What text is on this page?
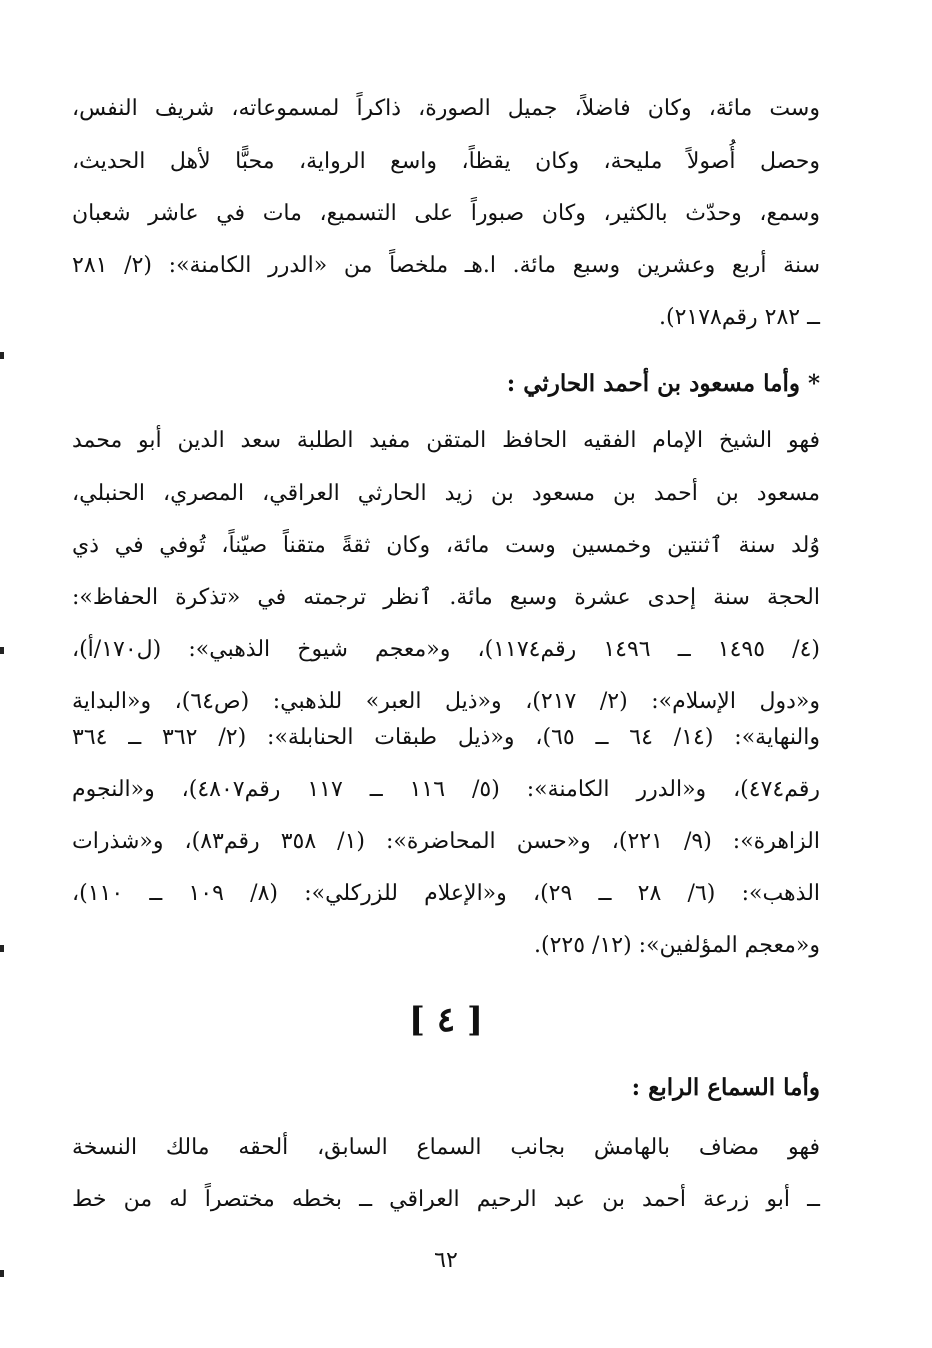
وست مائة، وكان فاضلاً، جميل الصورة، ذاكراً لمسموعاته، شريف النفس،
وحصل أُصولاً مليحة، وكان يقظاً، واسع الرواية، محبًّا لأهل الحديث،
وسمع، وحدّث بالكثير، وكان صبوراً على التسميع، مات في عاشر شعبان
سنة أربع وعشرين وسبع مائة. ا.هـ ملخصاً من «الدرر الكامنة»: (٢/ ٢٨١
ــ ٢٨٢ رقم٢١٧٨).
* وأما مسعود بن أحمد الحارثي :
فهو الشيخ الإمام الفقيه الحافظ المتقن مفيد الطلبة سعد الدين أبو محمد
مسعود بن أحمد بن مسعود بن زيد الحارثي العراقي، المصري، الحنبلي،
وُلد سنة ٱثنتين وخمسين وست مائة، وكان ثقةً متقناً صيّناً، تُوفي في ذي
الحجة سنة إحدى عشرة وسبع مائة. ٱنظر ترجمته في «تذكرة الحفاظ»:
(٤/ ١٤٩٥ ــ ١٤٩٦ رقم١١٧٤)، و«معجم شيوخ الذهبي»: (ل١٧٠/أ)،
و«دول الإسلام»: (٢/ ٢١٧)، و«ذيل العبر» للذهبي: (ص٦٤)، و«البداية
والنهاية»: (١٤/ ٦٤ ــ ٦٥)، و«ذيل طبقات الحنابلة»: (٢/ ٣٦٢ ــ ٣٦٤
رقم٤٧٤)، و«الدرر الكامنة»: (٥/ ١١٦ ــ ١١٧ رقم٤٨٠٧)، و«النجوم
الزاهرة»: (٩/ ٢٢١)، و«حسن المحاضرة»: (١/ ٣٥٨ رقم٨٣)، و«شذرات
الذهب»: (٦/ ٢٨ ــ ٢٩)، و«الإعلام للزركلي»: (٨/ ١٠٩ ــ ١١٠)،
و«معجم المؤلفين»: (١٢/ ٢٢٥).
[ ٤ ]
وأما السماع الرابع :
فهو مضاف بالهامش بجانب السماع السابق، ألحقه مالك النسخة
ــ أبو زرعة أحمد بن عبد الرحيم العراقي ــ بخطه مختصراً له من خط
٦٢
